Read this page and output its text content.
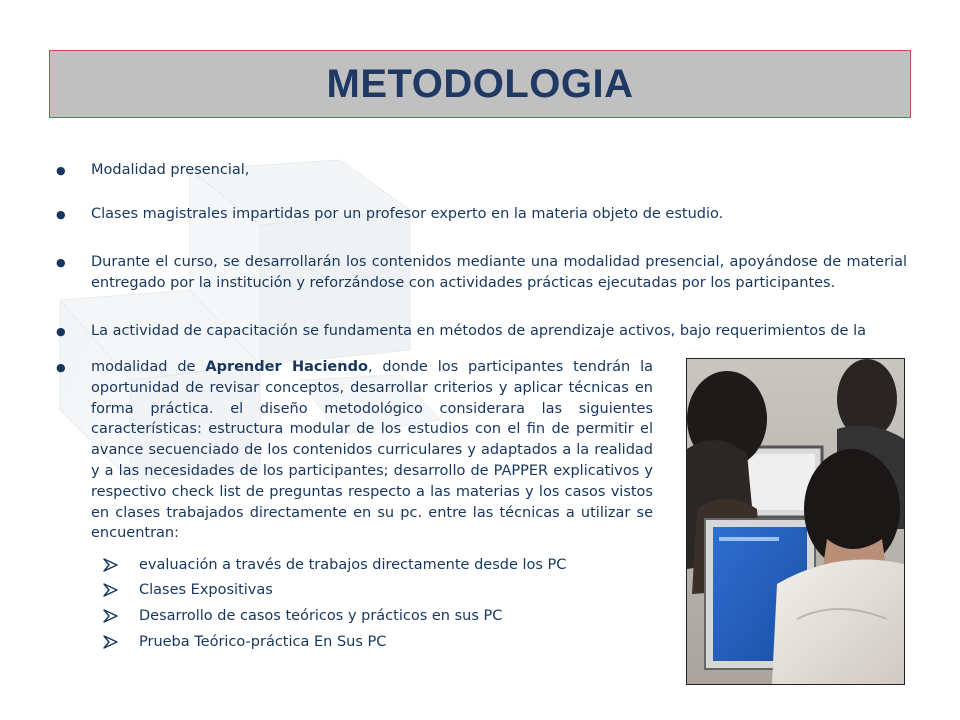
METODOLOGIA
● Modalidad presencial,
● Clases magistrales impartidas por un profesor experto en la materia objeto de estudio.
● Durante el curso, se desarrollarán los contenidos mediante una modalidad presencial, apoyándose de material entregado por la institución y reforzándose con actividades prácticas ejecutadas por los participantes.
● La actividad de capacitación se fundamenta en métodos de aprendizaje activos, bajo requerimientos de la
● modalidad de Aprender Haciendo, donde los participantes tendrán la oportunidad de revisar conceptos, desarrollar criterios y aplicar técnicas en forma práctica. el diseño metodológico considerara las siguientes características: estructura modular de los estudios con el fin de permitir el avance secuenciado de los contenidos curriculares y adaptados a la realidad y a las necesidades de los participantes; desarrollo de PAPPER explicativos y respectivo check list de preguntas respecto a las materias y los casos vistos en clases trabajados directamente en su pc. entre las técnicas a utilizar se encuentran:
evaluación a través de trabajos directamente desde los PC
Clases Expositivas
Desarrollo de casos teóricos y prácticos en sus PC
Prueba Teórico-práctica En Sus PC
